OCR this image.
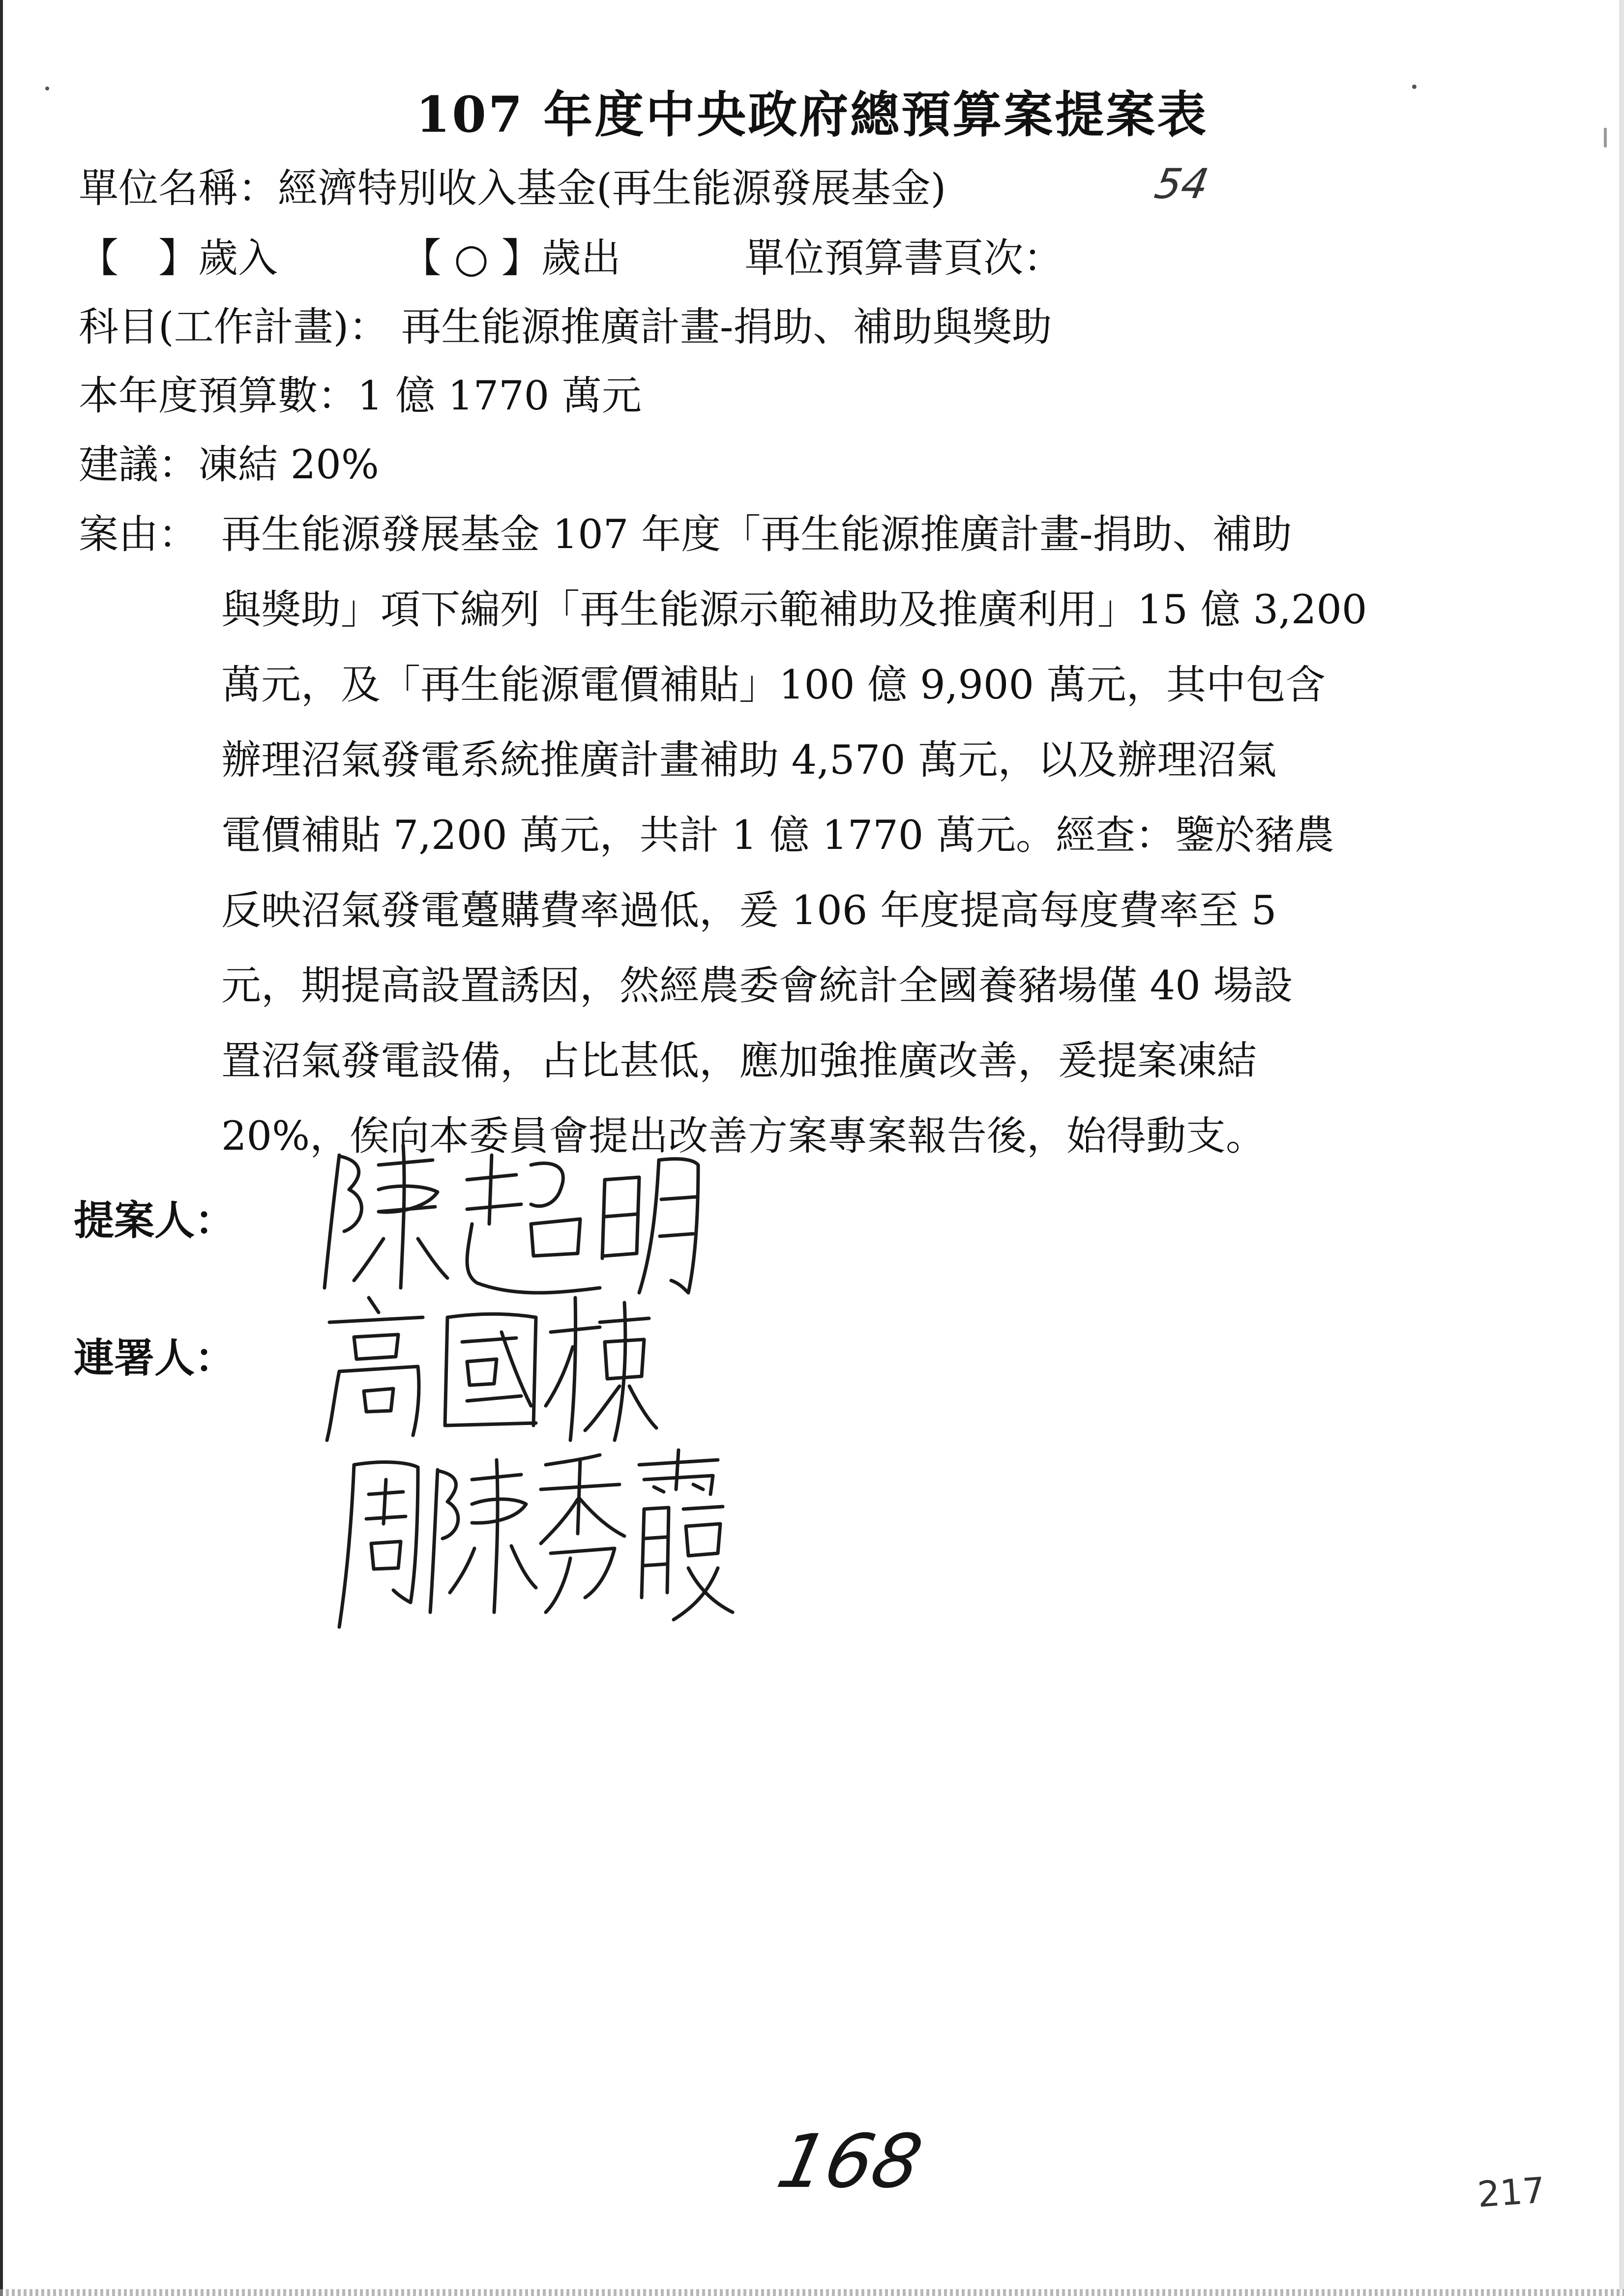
107 年度中央政府總預算案提案表
單位名稱：經濟特別收入基金(再生能源發展基金)	54
【　】歲入	【 ○ 】歲出	單位預算書頁次：
科目(工作計畫)： 再生能源推廣計畫-捐助、補助與獎助
本年度預算數：1 億 1770 萬元
建議：凍結 20%
案由： 再生能源發展基金 107 年度「再生能源推廣計畫-捐助、補助
與獎助」項下編列「再生能源示範補助及推廣利用」15 億 3,200
萬元，及「再生能源電價補貼」100 億 9,900 萬元，其中包含
辦理沼氣發電系統推廣計畫補助 4,570 萬元，以及辦理沼氣
電價補貼 7,200 萬元，共計 1 億 1770 萬元。經查：鑒於豬農
反映沼氣發電躉購費率過低，爰 106 年度提高每度費率至 5
元，期提高設置誘因，然經農委會統計全國養豬場僅 40 場設
置沼氣發電設備，占比甚低，應加強推廣改善，爰提案凍結
20%，俟向本委員會提出改善方案專案報告後，始得動支。
提案人：
連署人：
168	217
